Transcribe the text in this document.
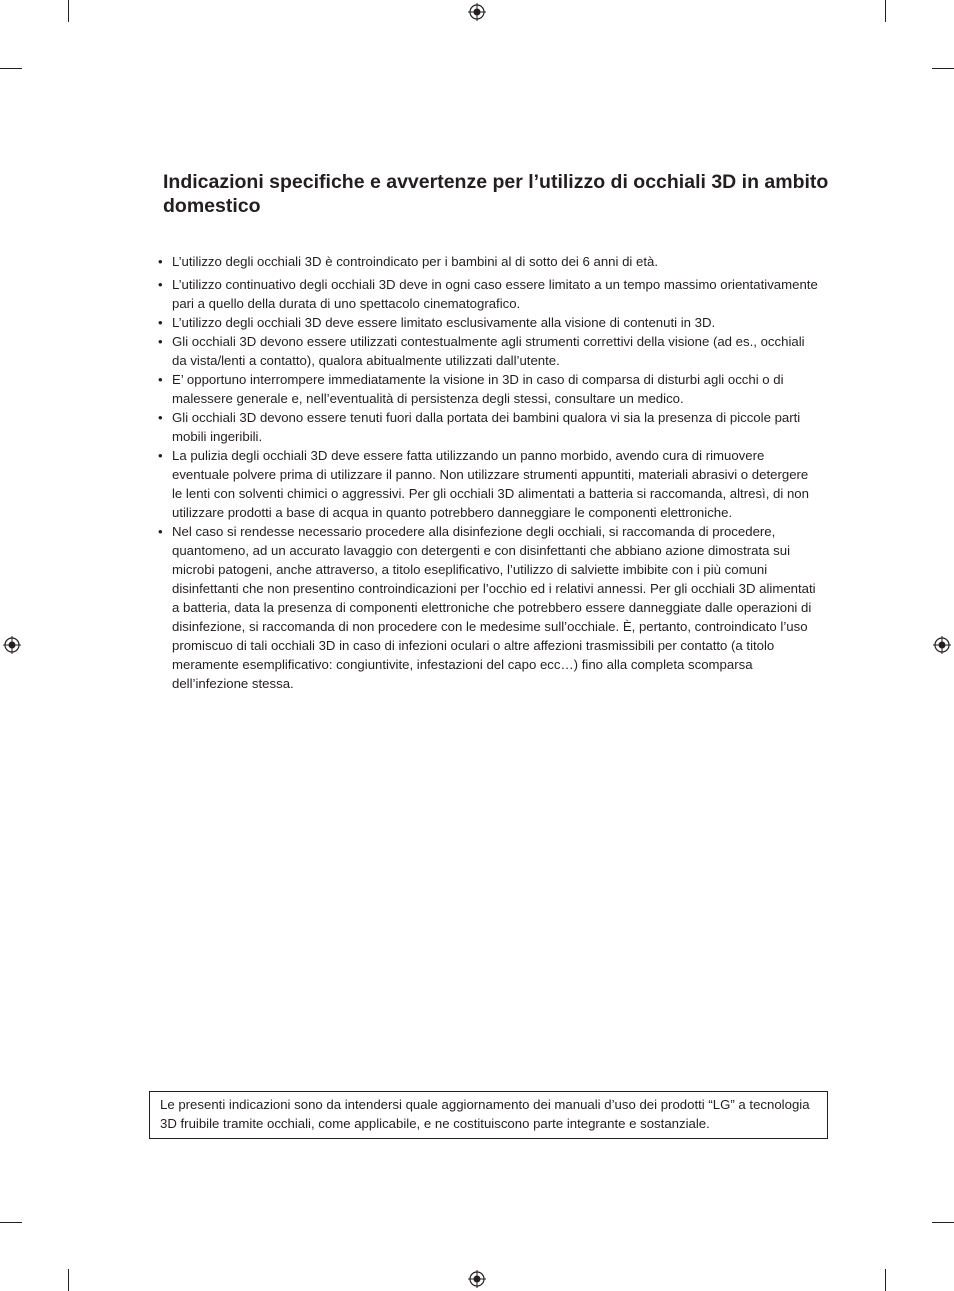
Indicazioni specifiche e avvertenze per l’utilizzo di occhiali 3D in ambito domestico
• L’utilizzo degli occhiali 3D è controindicato per i bambini al di sotto dei 6 anni di età.
• L’utilizzo continuativo degli occhiali 3D deve in ogni caso essere limitato a un tempo massimo orientativamente pari a quello della durata di uno spettacolo cinematografico.
• L’utilizzo degli occhiali 3D deve essere limitato esclusivamente alla visione di contenuti in 3D.
• Gli occhiali 3D devono essere utilizzati contestualmente agli strumenti correttivi della visione (ad es., occhiali da vista/lenti a contatto), qualora abitualmente utilizzati dall’utente.
• E’ opportuno interrompere immediatamente la visione in 3D in caso di comparsa di disturbi agli occhi o di malessere generale e, nell’eventualità di persistenza degli stessi, consultare un medico.
• Gli occhiali 3D devono essere tenuti fuori dalla portata dei bambini qualora vi sia la presenza di piccole parti mobili ingeribili.
• La pulizia degli occhiali 3D deve essere fatta utilizzando un panno morbido, avendo cura di rimuovere eventuale polvere prima di utilizzare il panno. Non utilizzare strumenti appuntiti, materiali abrasivi o detergere le lenti con solventi chimici o aggressivi. Per gli occhiali 3D alimentati a batteria si raccomanda, altresì, di non utilizzare prodotti a base di acqua in quanto potrebbero danneggiare le componenti elettroniche.
• Nel caso si rendesse necessario procedere alla disinfezione degli occhiali, si raccomanda di procedere, quantomeno, ad un accurato lavaggio con detergenti e con disinfettanti che abbiano azione dimostrata sui microbi patogeni, anche attraverso, a titolo eseplificativo, l’utilizzo di salviette imbibite con i più comuni disinfettanti che non presentino controindicazioni per l’occhio ed i relativi annessi. Per gli occhiali 3D alimentati a batteria, data la presenza di componenti elettroniche che potrebbero essere danneggiate dalle operazioni di disinfezione, si raccomanda di non procedere con le medesime sull’occhiale. È, pertanto, controindicato l’uso promiscuo di tali occhiali 3D in caso di infezioni oculari o altre affezioni trasmissibili per contatto (a titolo meramente esemplificativo: congiuntivite, infestazioni del capo ecc…) fino alla completa scomparsa dell’infezione stessa.
Le presenti indicazioni sono da intendersi quale aggiornamento dei manuali d’uso dei prodotti “LG” a tecnologia 3D fruibile tramite occhiali, come applicabile, e ne costituiscono parte integrante e sostanziale.
